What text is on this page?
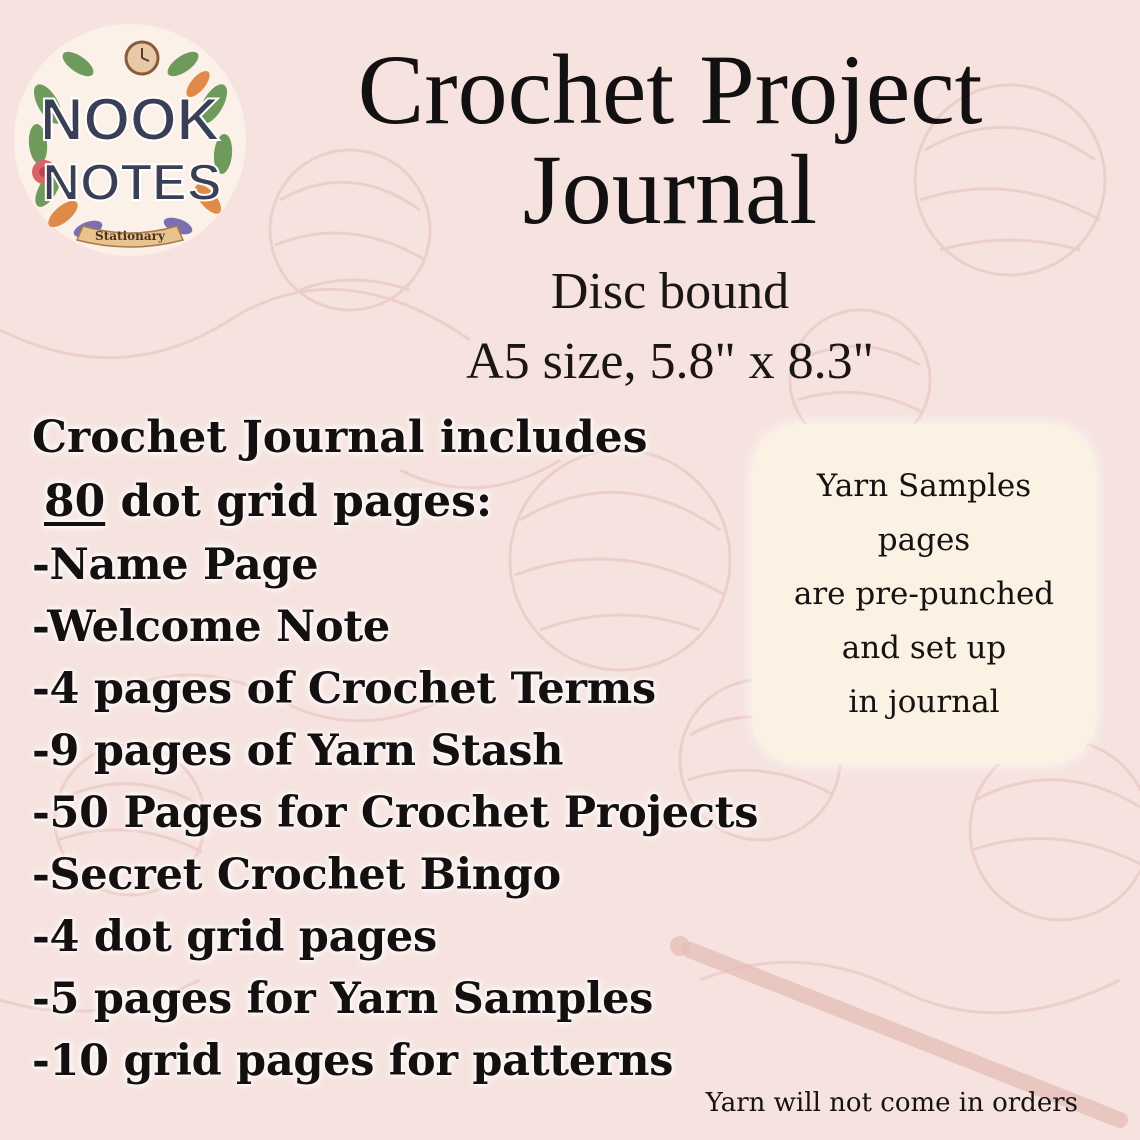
NOOK
NOTES
Stationary
Crochet Project
Journal
Disc bound
A5 size, 5.8" x 8.3"
Crochet Journal includes
80 dot grid pages:
-Name Page
-Welcome Note
-4 pages of Crochet Terms
-9 pages of Yarn Stash
-50 Pages for Crochet Projects
-Secret Crochet Bingo
-4 dot grid pages
-5 pages for Yarn Samples
-10 grid pages for patterns
Yarn Samples
pages
are pre-punched
and set up
in journal
Yarn will not come in orders
